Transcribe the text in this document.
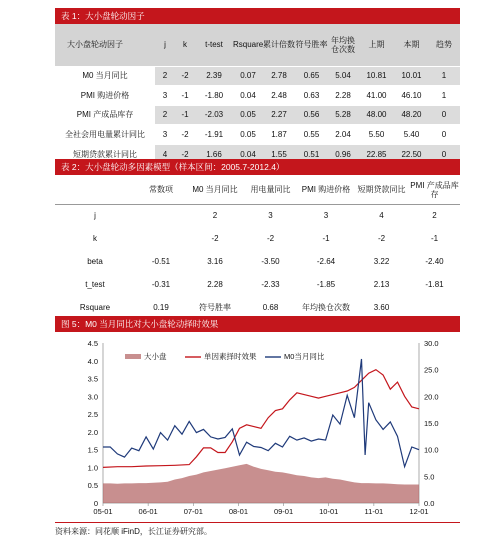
表 1：大小盘轮动因子
大小盘轮动因子	j	k	t-test	Rsquare	累计倍数	符号胜率	年均换仓次数	上期	本期	趋势
M0 当月同比	2	-2	2.39	0.07	2.78	0.65	5.04	10.81	10.01	1
PMI 购进价格	3	-1	-1.80	0.04	2.48	0.63	2.28	41.00	46.10	1
PMI 产成品库存	2	-1	-2.03	0.05	2.27	0.56	5.28	48.00	48.20	0
全社会用电量累计同比	3	-2	-1.91	0.05	1.87	0.55	2.04	5.50	5.40	0
短期贷款累计同比	4	-2	1.66	0.04	1.55	0.51	0.96	22.85	22.50	0
表 2：大小盘轮动多因素模型（样本区间：2005.7-2012.4）
	常数项	M0 当月同比	用电量同比	PMI 购进价格	短期贷款同比	PMI 产成品库存
j		2	3	3	4	2
k		-2	-2	-1	-2	-1
beta	-0.51	3.16	-3.50	-2.64	3.22	-2.40
t_test	-0.31	2.28	-2.33	-1.85	2.13	-1.81
Rsquare	0.19	符号胜率	0.68	年均换仓次数	3.60	
图 5：M0 当月同比对大小盘轮动择时效果
0
0.5
1.0
1.5
2.0
2.5
3.0
3.5
4.0
4.5
0.0
5.0
10.0
15.0
20.0
25.0
30.0
05-01	06-01	07-01	08-01	09-01	10-01	11-01	12-01
大小盘	单因素择时效果	M0当月同比
资料来源：同花顺 iFinD，长江证券研究部。
